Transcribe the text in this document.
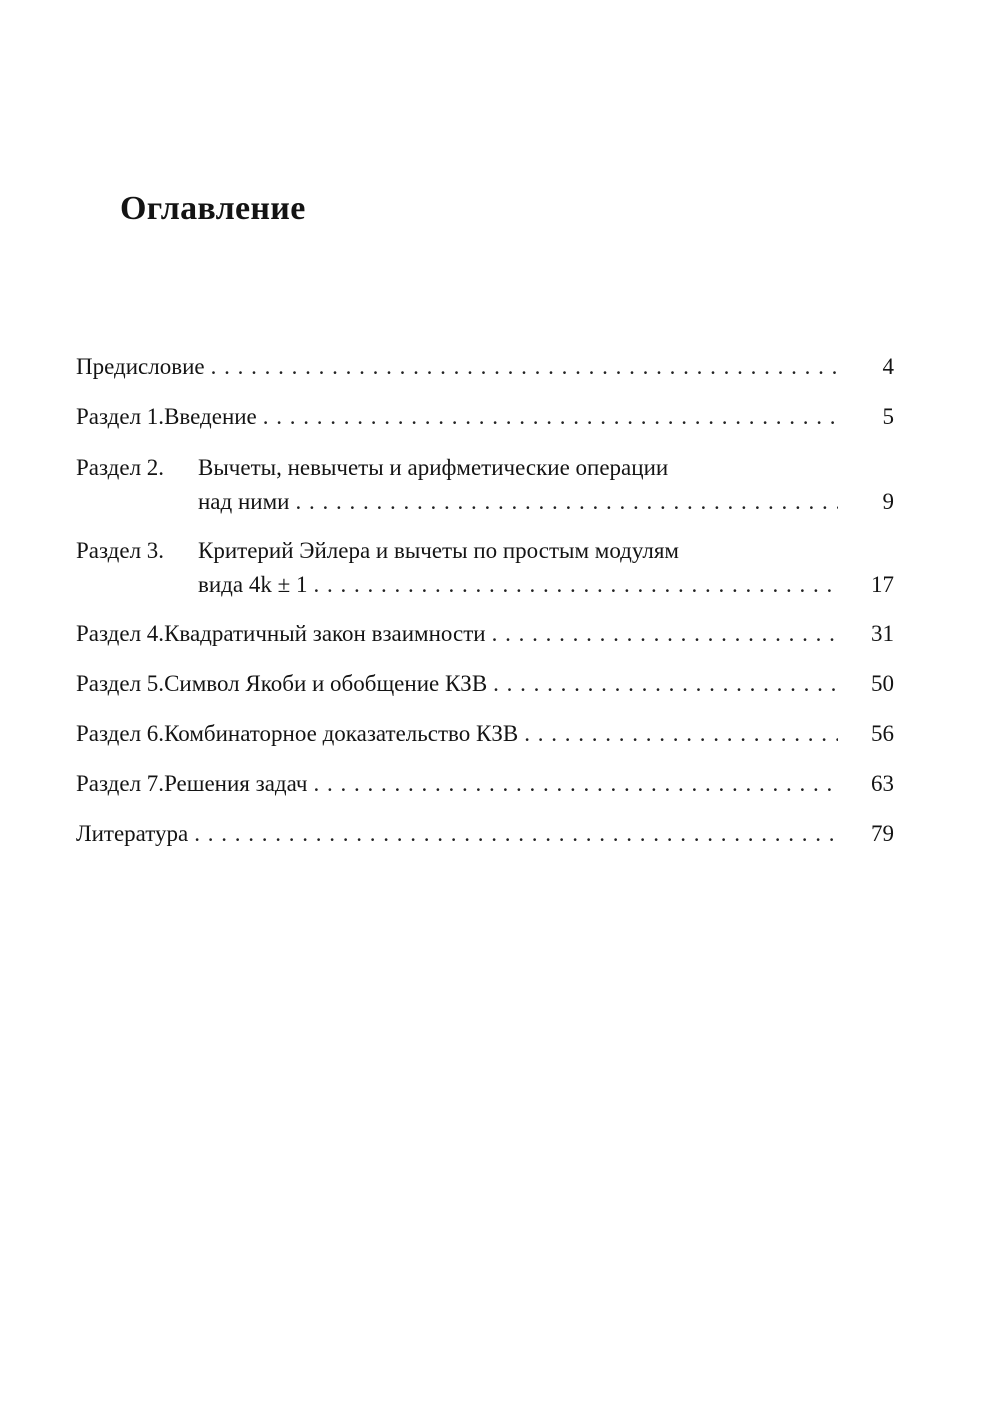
Оглавление
Предисловие . . .	4
Раздел 1. Введение . . .	5
Раздел 2.	Вычеты, невычеты и арифметические операции
над ними . . .	9
Раздел 3.	Критерий Эйлера и вычеты по простым модулям
вида 4k ± 1 . . .	17
Раздел 4. Квадратичный закон взаимности . . .	31
Раздел 5. Символ Якоби и обобщение КЗВ . . .	50
Раздел 6. Комбинаторное доказательство КЗВ . . .	56
Раздел 7. Решения задач . . .	63
Литература . . .	79
